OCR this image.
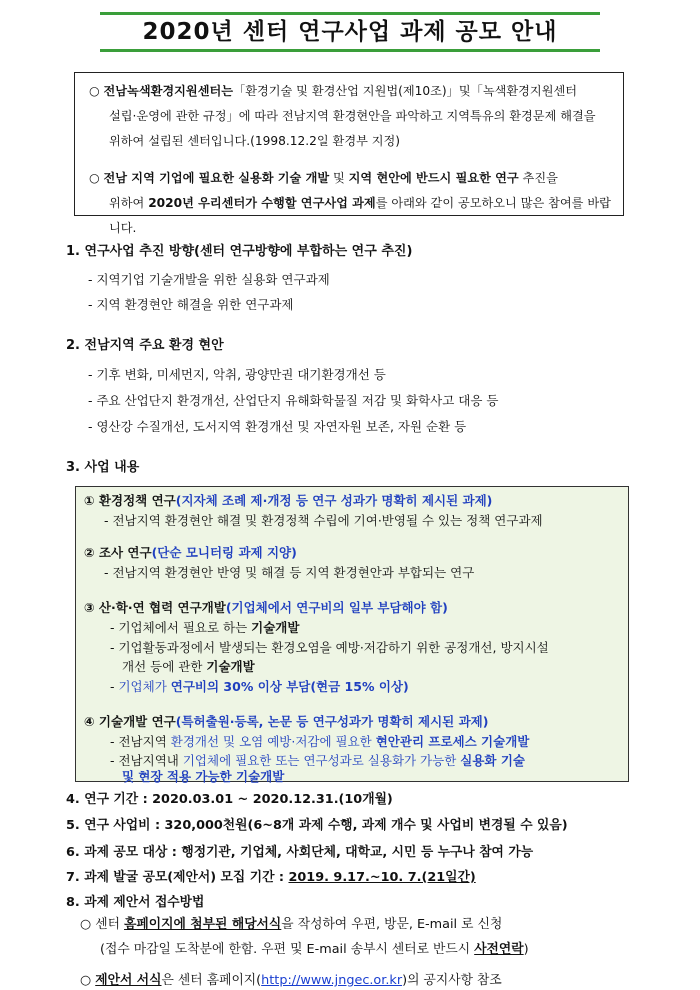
2020년 센터 연구사업 과제 공모 안내

○ 전남녹색환경지원센터는「환경기술 및 환경산업 지원법(제10조)」및「녹색환경지원센터

설립·운영에 관한 규정」에 따라 전남지역 환경현안을 파악하고 지역특유의 환경문제 해결을

위하여 설립된 센터입니다.(1998.12.2일 환경부 지정)

○ 전남 지역 기업에 필요한 실용화 기술 개발 및 지역 현안에 반드시 필요한 연구 추진을

위하여 2020년 우리센터가 수행할 연구사업 과제를 아래와 같이 공모하오니 많은 참여를 바랍니다.

1. 연구사업 추진 방향(센터 연구방향에 부합하는 연구 추진)
- 지역기업 기술개발을 위한 실용화 연구과제
- 지역 환경현안 해결을 위한 연구과제
2. 전남지역 주요 환경 현안
- 기후 변화, 미세먼지, 악취, 광양만권 대기환경개선 등
- 주요 산업단지 환경개선, 산업단지 유해화학물질 저감 및 화학사고 대응 등
- 영산강 수질개선, 도서지역 환경개선 및 자연자원 보존, 자원 순환 등
3. 사업 내용
① 환경정책 연구(지자체 조례 제·개정 등 연구 성과가 명확히 제시된 과제)
- 전남지역 환경현안 해결 및 환경정책 수립에 기여·반영될 수 있는 정책 연구과제
② 조사 연구(단순 모니터링 과제 지양)
- 전남지역 환경현안 반영 및 해결 등 지역 환경현안과 부합되는 연구
③ 산·학·연 협력 연구개발(기업체에서 연구비의 일부 부담해야 함)
- 기업체에서 필요로 하는 기술개발
- 기업활동과정에서 발생되는 환경오염을 예방·저감하기 위한 공정개선, 방지시설
개선 등에 관한 기술개발
- 기업체가 연구비의 30% 이상 부담(현금 15% 이상)
④ 기술개발 연구(특허출원·등록, 논문 등 연구성과가 명확히 제시된 과제)
- 전남지역 환경개선 및 오염 예방·저감에 필요한 현안관리 프로세스 기술개발
- 전남지역내 기업체에 필요한 또는 연구성과로 실용화가 가능한 실용화 기술
및 현장 적용 가능한 기술개발
4. 연구 기간 : 2020.03.01 ~ 2020.12.31.(10개월)
5. 연구 사업비 : 320,000천원(6~8개 과제 수행, 과제 개수 및 사업비 변경될 수 있음)
6. 과제 공모 대상 : 행정기관, 기업체, 사회단체, 대학교, 시민 등 누구나 참여 가능
7. 과제 발굴 공모(제안서) 모집 기간 : 2019. 9.17.~10. 7.(21일간)
8. 과제 제안서 접수방법
○ 센터 홈페이지에 첨부된 해당서식을 작성하여 우편, 방문, E-mail 로 신청
(접수 마감일 도착분에 한함. 우편 및 E-mail 송부시 센터로 반드시 사전연락)
○ 제안서 서식은 센터 홈페이지(http://www.jngec.or.kr)의 공지사항 참조
